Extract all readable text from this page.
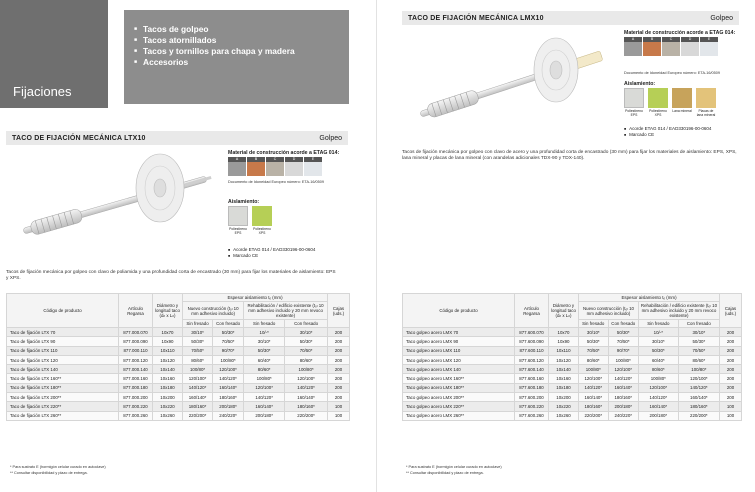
Fijaciones
■ Tacos de golpeo
■ Tacos atornillados
■ Tacos y tornillos para chapa y madera
■ Accesorios
TACO DE FIJACIÓN MECÁNICA LTX10	Golpeo
Material de construcción acorde a ETAG 014:
A	B	C	D	E
Documento de Idoneidad Europeo número: ETA-16/0509
Aislamiento:
Poliestireno EPS
Poliestireno XPS
■ Acorde ETAG 014 / EAD330196-00-0604
■ Marcado CE
Tacos de fijación mecánica por golpeo con clavo de poliamida y una profundidad corta de encastrado (30 mm) para fijar los materiales de aislamiento: EPS y XPS.
Código de producto	Artículo Regarsa	Diámetro y longitud taco (dₙ x Lₙ)	Espesor aislamiento tₒ (mm)				Cajas (uds.)
			Nuevo construcción (tₒₗ 10 mm adhesivo incluido)		Rehabilitación / edificio existente (tₒₗ 10 mm adhesivo incluido y 20 mm revoco existente)		
			Sin fresado	Con fresado	Sin fresado	Con fresado	
Taco de fijación LTX 70	877.000.070	10x70	30/10*	50/30*	10/-*	30/10*	200
Taco de fijación LTX 90	877.000.090	10x90	50/30*	70/50*	30/10*	50/30*	200
Taco de fijación LTX 110	877.000.110	10x110	70/50*	90/70*	50/30*	70/50*	200
Taco de fijación LTX 120	877.000.120	10x120	80/60*	100/80*	60/40*	80/60*	200
Taco de fijación LTX 140	877.000.140	10x140	100/80*	120/100*	80/60*	100/80*	200
Taco de fijación LTX 160**	877.000.160	10x160	120/100*	140/120*	100/80*	120/100*	200
Taco de fijación LTX 180**	877.000.180	10x180	140/120*	160/140*	120/100*	140/120*	200
Taco de fijación LTX 200**	877.000.200	10x200	160/140*	180/160*	140/120*	160/140*	200
Taco de fijación LTX 220**	877.000.220	10x220	180/160*	200/180*	160/140*	180/160*	100
Taco de fijación LTX 260**	877.000.260	10x260	220/200*	240/220*	200/180*	220/200*	100
* Para sustrato E (hormigón celular curado en autoclave)
** Consultar disponibilidad y plazo de entrega.
TACO DE FIJACIÓN MECÁNICA LMX10	Golpeo
Material de construcción acorde a ETAG 014:
A	B	C	D	E
Documento de Idoneidad Europeo número: ETA-16/0509
Aislamiento:
Poliestireno EPS
Poliestireno XPS
Lana mineral	Placas de lana mineral
■ Acorde ETAG 014 / EAD330196-00-0604
■ Marcado CE
Tacos de fijación mecánica por golpeo con clavo de acero y una profundidad corta de encastrado (30 mm) para fijar los materiales de aislamiento: EPS, XPS, lana mineral y placas de lana mineral (con arandelas adicionales TDX-90 y TDX-140).
Código de producto	Artículo Regarsa	Diámetro y longitud taco (dₙ x Lₙ)	Espesor aislamiento tₒ (mm)				Cajas (uds.)
			Nuevo construcción (tₒₗ 10 mm adhesivo incluido)		Rehabilitación / edificio existente (tₒₗ 10 mm adhesivo incluido y 20 mm revoco existente)		
			Sin fresado	Con fresado	Sin fresado	Con fresado	
Taco golpeo acero LMX 70	877.600.070	10x70	30/10*	50/30*	10/-*	30/10*	200
Taco golpeo acero LMX 90	877.600.090	10x90	50/30*	70/50*	30/10*	50/30*	200
Taco golpeo acero LMX 110	877.600.110	10x110	70/50*	90/70*	50/30*	70/50*	200
Taco golpeo acero LMX 120	877.600.120	10x120	80/60*	100/80*	60/40*	80/60*	200
Taco golpeo acero LMX 140	877.600.140	10x140	100/80*	120/100*	80/60*	100/80*	200
Taco golpeo acero LMX 160**	877.600.160	10x160	120/100*	140/120*	100/80*	120/100*	200
Taco golpeo acero LMX 180**	877.600.180	10x180	140/120*	160/140*	120/100*	140/120*	200
Taco golpeo acero LMX 200**	877.600.200	10x200	160/140*	180/160*	140/120*	160/140*	200
Taco golpeo acero LMX 220**	877.600.220	10x220	180/160*	200/180*	160/140*	180/160*	100
Taco golpeo acero LMX 260**	877.600.260	10x260	220/200*	240/220*	200/180*	220/200*	100
* Para sustrato E (hormigón celular curado en autoclave)
** Consultar disponibilidad y plazo de entrega.
